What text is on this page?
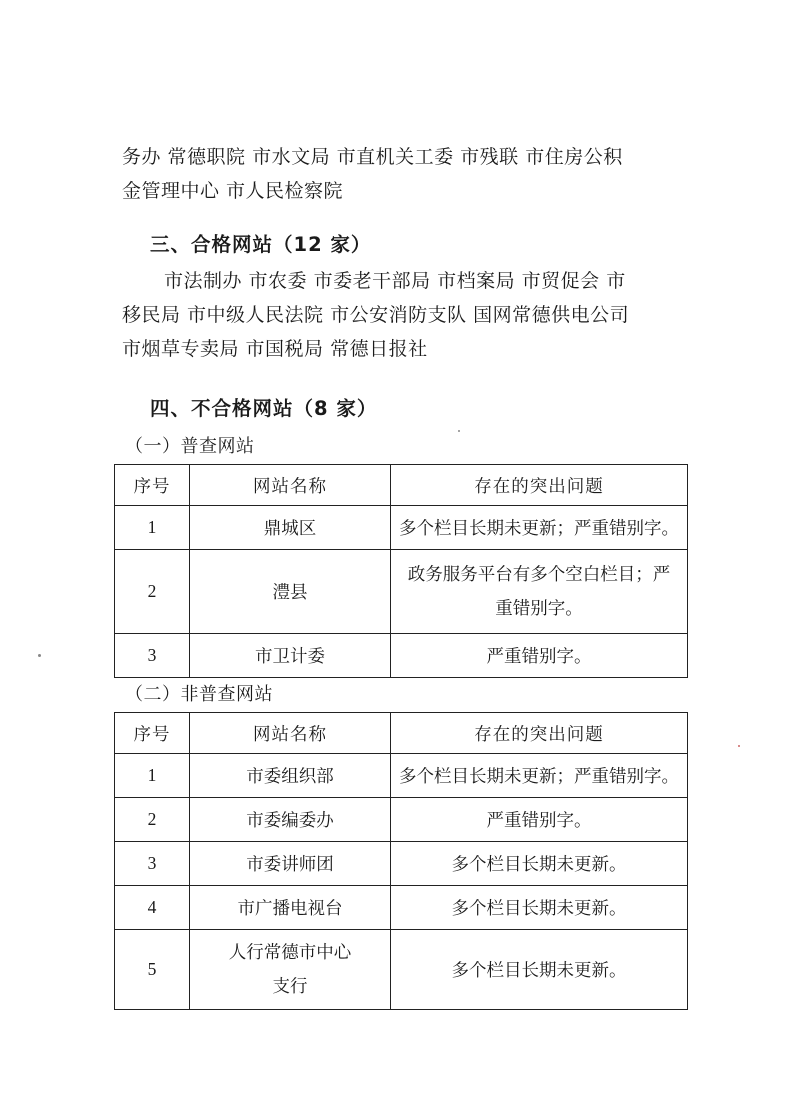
务办 常德职院 市水文局 市直机关工委 市残联 市住房公积
金管理中心 市人民检察院
三、合格网站（12 家）
市法制办 市农委 市委老干部局 市档案局 市贸促会 市
移民局 市中级人民法院 市公安消防支队 国网常德供电公司
市烟草专卖局 市国税局 常德日报社
四、不合格网站（8 家）
（一）普查网站
序号	网站名称	存在的突出问题
1	鼎城区	多个栏目长期未更新；严重错别字。
2	澧县	政务服务平台有多个空白栏目；严重错别字。
3	市卫计委	严重错别字。
（二）非普查网站
序号	网站名称	存在的突出问题
1	市委组织部	多个栏目长期未更新；严重错别字。
2	市委编委办	严重错别字。
3	市委讲师团	多个栏目长期未更新。
4	市广播电视台	多个栏目长期未更新。
5	人行常德市中心支行	多个栏目长期未更新。
